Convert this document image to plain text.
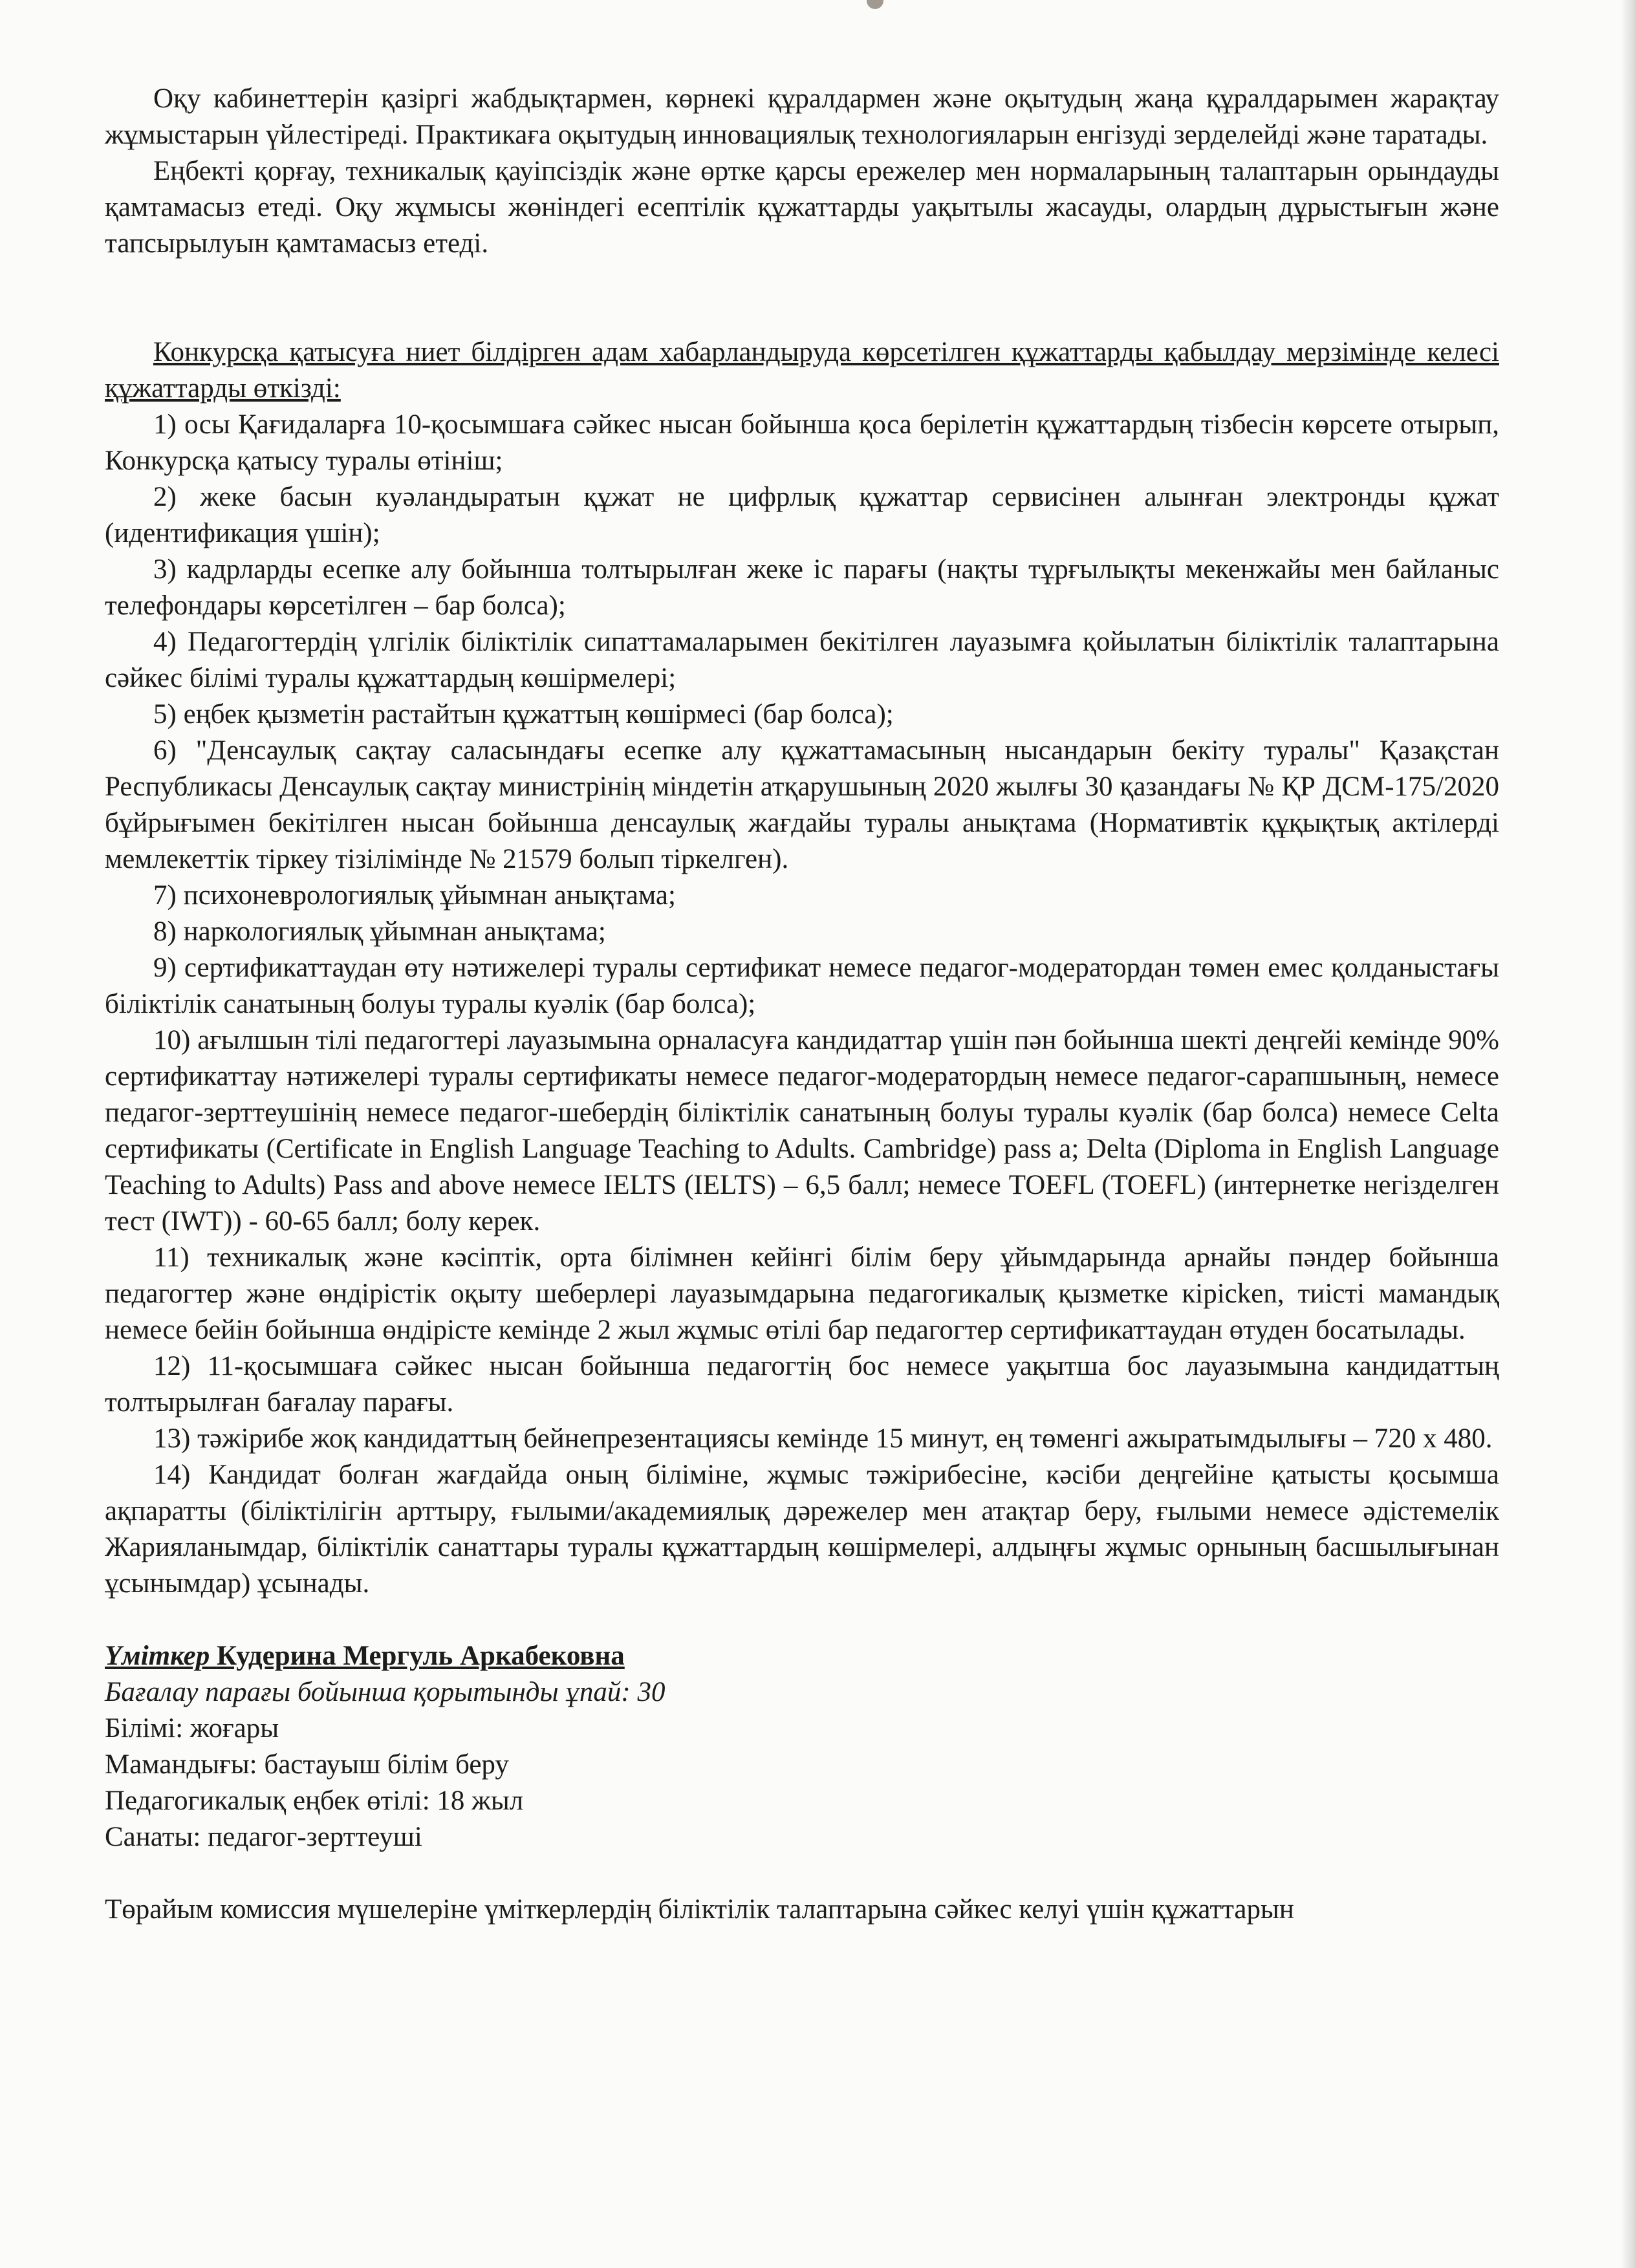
Оқу кабинеттерін қазіргі жабдықтармен, көрнекі құралдармен және оқытудың жаңа құралдарымен жарақтау жұмыстарын үйлестіреді. Практикаға оқытудың инновациялық технологияларын енгізуді зерделейді және таратады.

Еңбекті қорғау, техникалық қауіпсіздік және өртке қарсы ережелер мен нормаларының талаптарын орындауды қамтамасыз етеді. Оқу жұмысы жөніндегі есептілік құжаттарды уақытылы жасауды, олардың дұрыстығын және тапсырылуын қамтамасыз етеді.

Конкурсқа қатысуға ниет білдірген адам хабарландыруда көрсетілген құжаттарды қабылдау мерзімінде келесі құжаттарды өткізді:

1) осы Қағидаларға 10-қосымшаға сәйкес нысан бойынша қоса берілетін құжаттардың тізбесін көрсете отырып, Конкурсқа қатысу туралы өтініш;

2) жеке басын куәландыратын құжат не цифрлық құжаттар сервисінен алынған электронды құжат (идентификация үшін);

3) кадрларды есепке алу бойынша толтырылған жеке іс парағы (нақты тұрғылықты мекенжайы мен байланыс телефондары көрсетілген – бар болса);

4) Педагогтердің үлгілік біліктілік сипаттамаларымен бекітілген лауазымға қойылатын біліктілік талаптарына сәйкес білімі туралы құжаттардың көшірмелері;

5) еңбек қызметін растайтын құжаттың көшірмесі (бар болса);

6) "Денсаулық сақтау саласындағы есепке алу құжаттамасының нысандарын бекіту туралы" Қазақстан Республикасы Денсаулық сақтау министрінің міндетін атқарушының 2020 жылғы 30 қазандағы № ҚР ДСМ-175/2020 бұйрығымен бекітілген нысан бойынша денсаулық жағдайы туралы анықтама (Нормативтік құқықтық актілерді мемлекеттік тіркеу тізілімінде № 21579 болып тіркелген).

7) психоневрологиялық ұйымнан анықтама;

8) наркологиялық ұйымнан анықтама;

9) сертификаттаудан өту нәтижелері туралы сертификат немесе педагог-модератордан төмен емес қолданыстағы біліктілік санатының болуы туралы куәлік (бар болса);

10) ағылшын тілі педагогтері лауазымына орналасуға кандидаттар үшін пән бойынша шекті деңгейі кемінде 90% сертификаттау нәтижелері туралы сертификаты немесе педагог-модератордың немесе педагог-сарапшының, немесе педагог-зерттеушінің немесе педагог-шебердің біліктілік санатының болуы туралы куәлік (бар болса) немесе Celta сертификаты (Certificate in English Language Teaching to Adults. Cambridge) pass a; Delta (Diploma in English Language Teaching to Adults) Pass and above немесе IELTS (IELTS) – 6,5 балл; немесе TOEFL (TOEFL) (интернетке негізделген тест (IWT)) - 60-65 балл; болу керек.

11) техникалық және кәсіптік, орта білімнен кейінгі білім беру ұйымдарында арнайы пәндер бойынша педагогтер және өндірістік оқыту шеберлері лауазымдарына педагогикалық қызметке кірісken, тиісті мамандық немесе бейін бойынша өндірісте кемінде 2 жыл жұмыс өтілі бар педагогтер сертификаттаудан өтуден босатылады.

12) 11-қосымшаға сәйкес нысан бойынша педагогтің бос немесе уақытша бос лауазымына кандидаттың толтырылған бағалау парағы.

13) тәжірибе жоқ кандидаттың бейнепрезентациясы кемінде 15 минут, ең төменгі ажыратымдылығы – 720 х 480.

14) Кандидат болған жағдайда оның біліміне, жұмыс тәжірибесіне, кәсіби деңгейіне қатысты қосымша ақпаратты (біліктілігін арттыру, ғылыми/академиялық дәрежелер мен атақтар беру, ғылыми немесе әдістемелік Жарияланымдар, біліктілік санаттары туралы құжаттардың көшірмелері, алдыңғы жұмыс орнының басшылығынан ұсынымдар) ұсынады.

Үміткер Кудерина Мергуль Аркабековна

Бағалау парағы бойынша қорытынды ұпай: 30

Білімі: жоғары

Мамандығы: бастауыш білім беру

Педагогикалық еңбек өтілі: 18 жыл

Санаты: педагог-зерттеуші

Төрайым комиссия мүшелеріне үміткерлердің біліктілік талаптарына сәйкес келуі үшін құжаттарын
